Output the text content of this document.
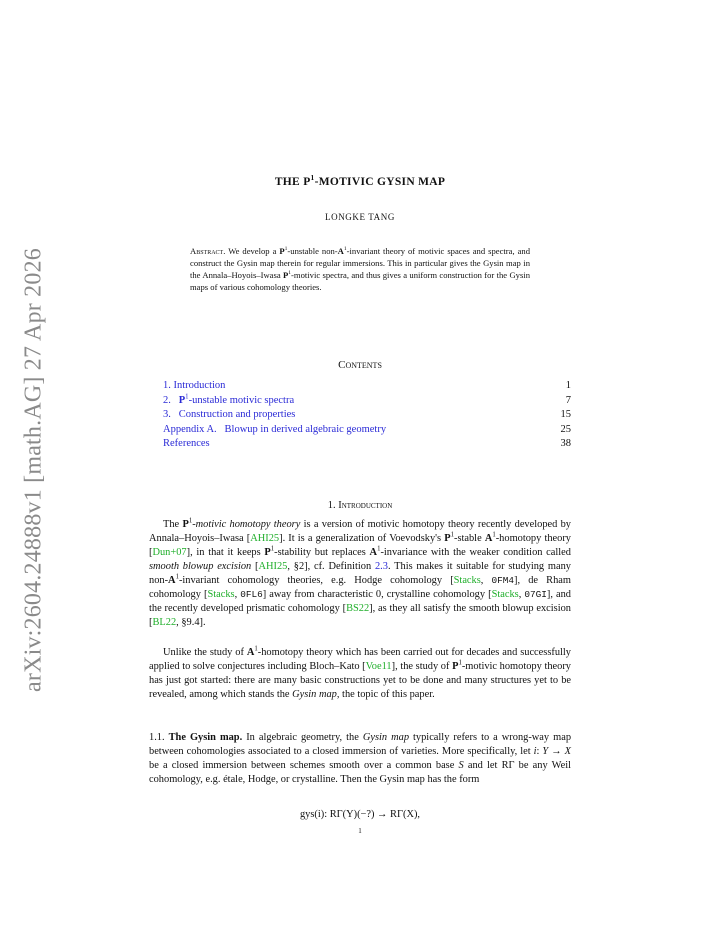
arXiv:2604.24888v1 [math.AG] 27 Apr 2026
THE $P^1$-MOTIVIC GYSIN MAP
LONGKE TANG
Abstract. We develop a $P^1$-unstable non-$A^1$-invariant theory of motivic spaces and spectra, and construct the Gysin map therein for regular immersions. This in particular gives the Gysin map in the Annala–Hoyois–Iwasa $P^1$-motivic spectra, and thus gives a uniform construction for the Gysin maps of various cohomology theories.
Contents
1. Introduction	1
2.   $P^1$-unstable motivic spectra	7
3.   Construction and properties	15
Appendix A.   Blowup in derived algebraic geometry	25
References	38
1. Introduction
The $P^1$-motivic homotopy theory is a version of motivic homotopy theory recently developed by Annala–Hoyois–Iwasa [AHI25]. It is a generalization of Voevodsky's $P^1$-stable $A^1$-homotopy theory [Dun+07], in that it keeps $P^1$-stability but replaces $A^1$-invariance with the weaker condition called smooth blowup excision [AHI25, §2], cf. Definition 2.3. This makes it suitable for studying many non-$A^1$-invariant cohomology theories, e.g. Hodge cohomology [Stacks, 0FM4], de Rham cohomology [Stacks, 0FL6] away from characteristic 0, crystalline cohomology [Stacks, 07GI], and the recently developed prismatic cohomology [BS22], as they all satisfy the smooth blowup excision [BL22, §9.4].
Unlike the study of $A^1$-homotopy theory which has been carried out for decades and successfully applied to solve conjectures including Bloch–Kato [Voe11], the study of $P^1$-motivic homotopy theory has just got started: there are many basic constructions yet to be done and many structures yet to be revealed, among which stands the Gysin map, the topic of this paper.
1.1. The Gysin map. In algebraic geometry, the Gysin map typically refers to a wrong-way map between cohomologies associated to a closed immersion of varieties. More specifically, let i: Y → X be a closed immersion between schemes smooth over a common base S and let RΓ be any Weil cohomology, e.g. étale, Hodge, or crystalline. Then the Gysin map has the form
gys(i): RΓ(Y)(−?) → RΓ(X),
1
